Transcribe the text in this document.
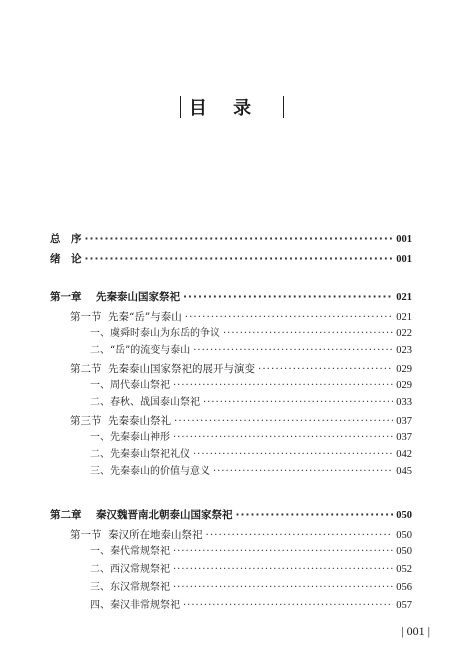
目 录
总　序 ·····	001
绪　论 ·····	001
第一章 先秦泰山国家祭祀 ·····	021
第一节 先秦“岳”与泰山 ·····	021
一、虞舜时泰山为东岳的争议 ·····	022
二、“岳”的流变与泰山 ·····	023
第二节 先秦泰山国家祭祀的展开与演变 ·····	029
一、周代泰山祭祀 ·····	029
二、春秋、战国泰山祭祀 ·····	033
第三节 先秦泰山祭礼 ·····	037
一、先秦泰山神形 ·····	037
二、先秦泰山祭祀礼仪 ·····	042
三、先秦泰山的价值与意义 ·····	045
第二章 秦汉魏晋南北朝泰山国家祭祀 ·····	050
第一节 秦汉所在地泰山祭祀 ·····	050
一、秦代常规祭祀 ·····	050
二、西汉常规祭祀 ·····	052
三、东汉常规祭祀 ·····	056
四、秦汉非常规祭祀 ·····	057
| 001 |
